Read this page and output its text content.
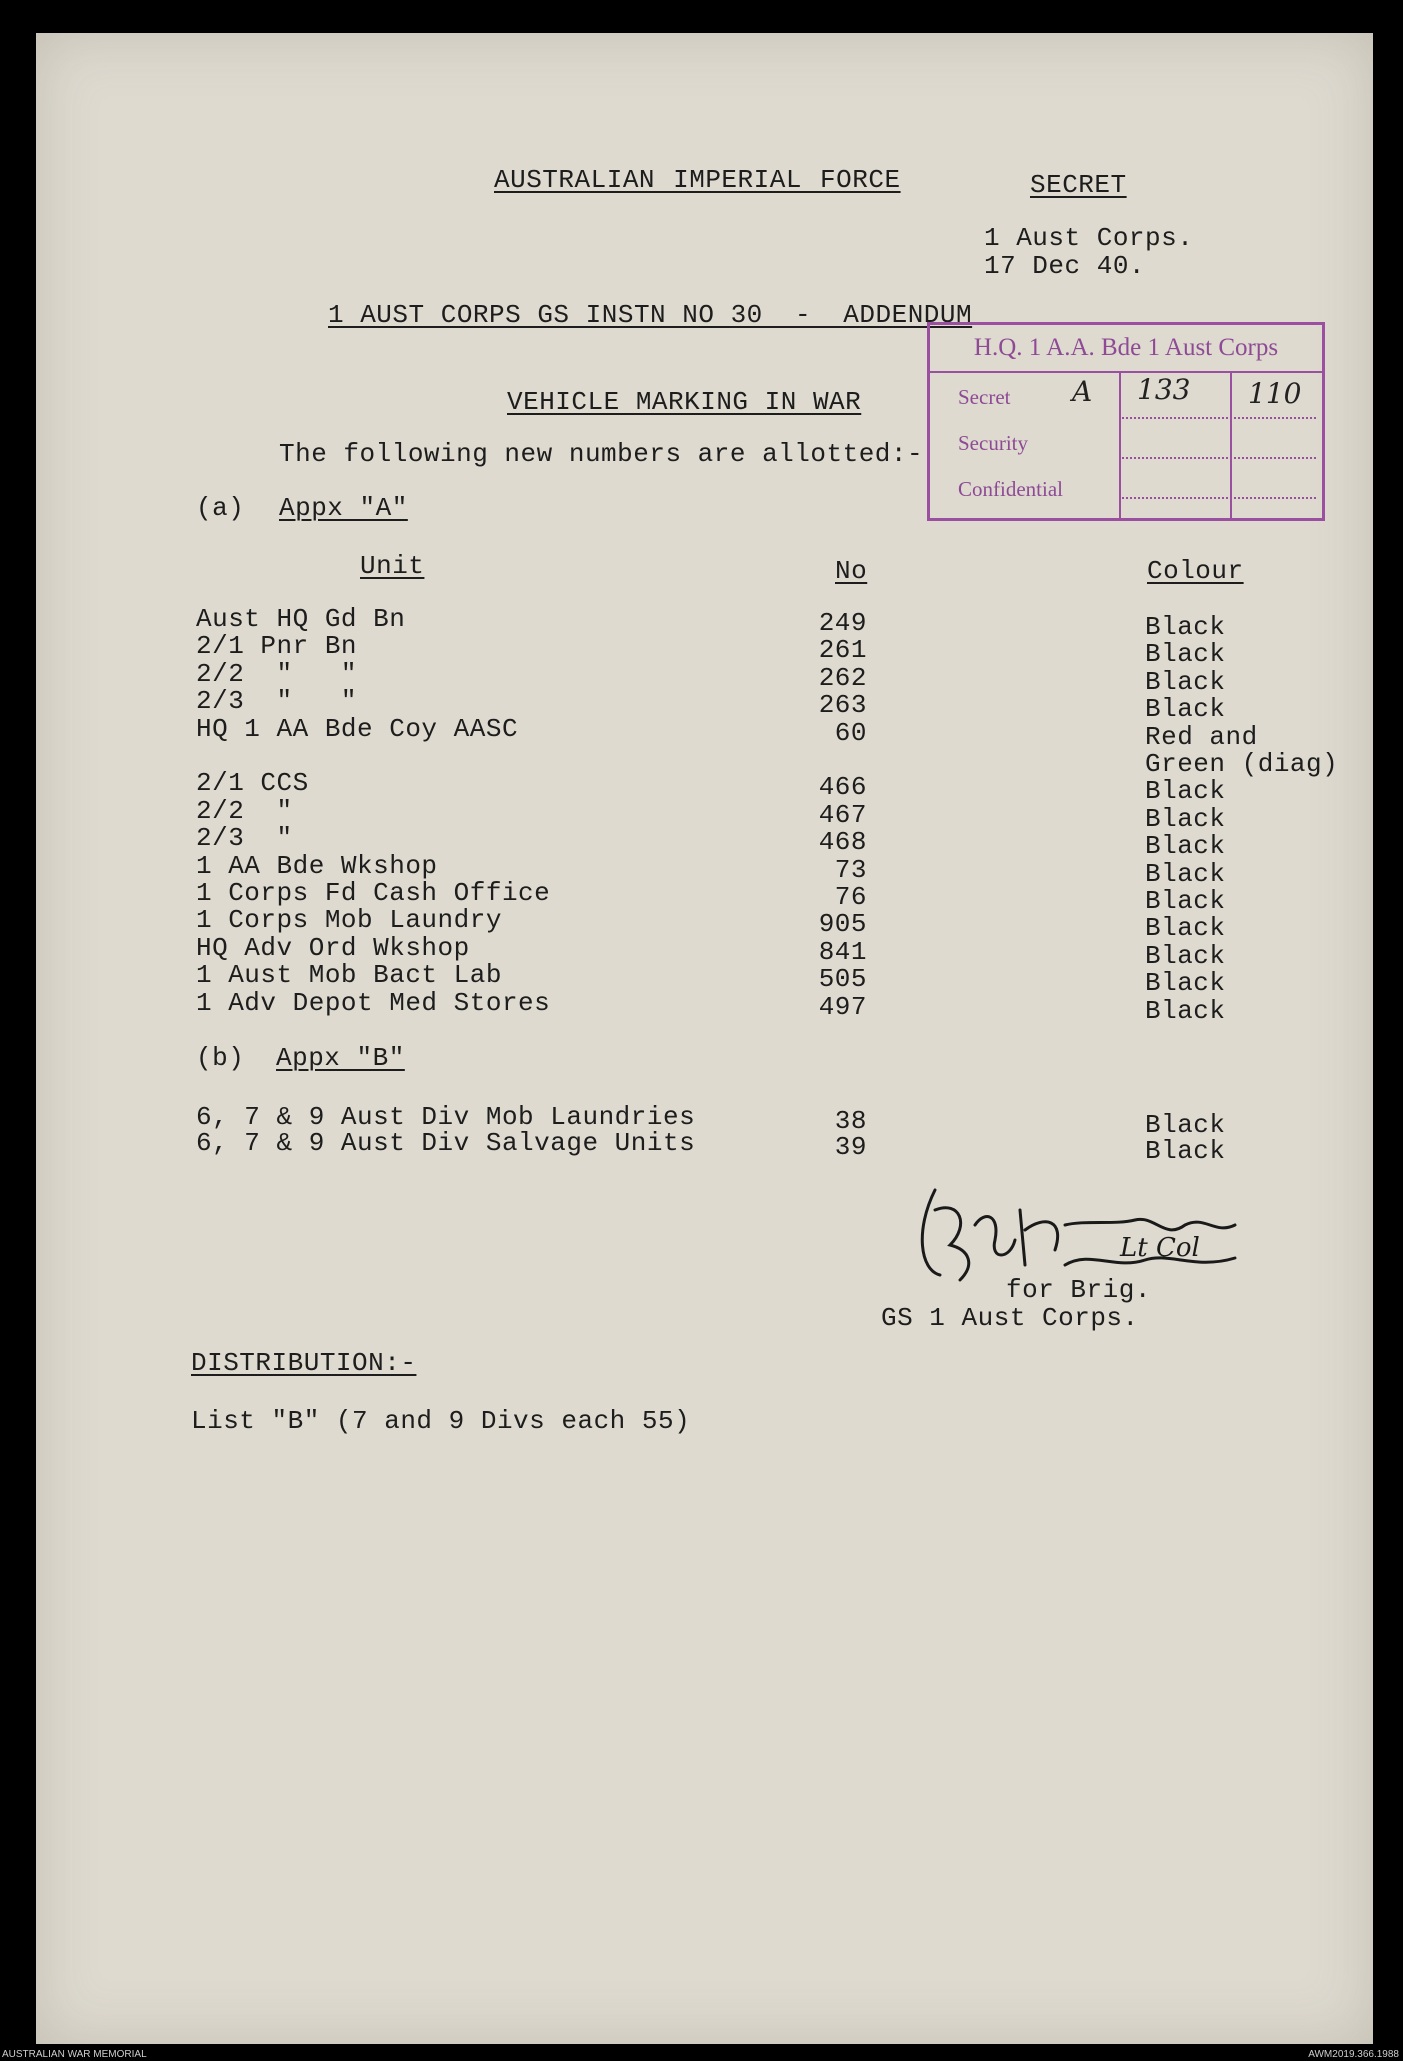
AUSTRALIAN IMPERIAL FORCE	SECRET
1 Aust Corps.
17 Dec 40.
1 AUST CORPS GS INSTN NO 30  -  ADDENDUM
VEHICLE MARKING IN WAR
The following new numbers are allotted:-
H.Q. 1 A.A. Bde 1 Aust Corps
Secret
Security
Confidential
A 133 110
(a) Appx "A"
Unit	No	Colour
Aust HQ Gd Bn	249	Black
2/1 Pnr Bn	261	Black
2/2  "   "	262	Black
2/3  "   "	263	Black
HQ 1 AA Bde Coy AASC	60	Red and
Green (diag)
2/1 CCS	466	Black
2/2  "	467	Black
2/3  "	468	Black
1 AA Bde Wkshop	73	Black
1 Corps Fd Cash Office	76	Black
1 Corps Mob Laundry	905	Black
HQ Adv Ord Wkshop	841	Black
1 Aust Mob Bact Lab	505	Black
1 Adv Depot Med Stores	497	Black
(b) Appx "B"
6, 7 & 9 Aust Div Mob Laundries	38	Black
6, 7 & 9 Aust Div Salvage Units	39	Black
Lt Col
for Brig.
GS 1 Aust Corps.
DISTRIBUTION:-
List "B" (7 and 9 Divs each 55)
AUSTRALIAN WAR MEMORIAL	AWM2019.366.1988
